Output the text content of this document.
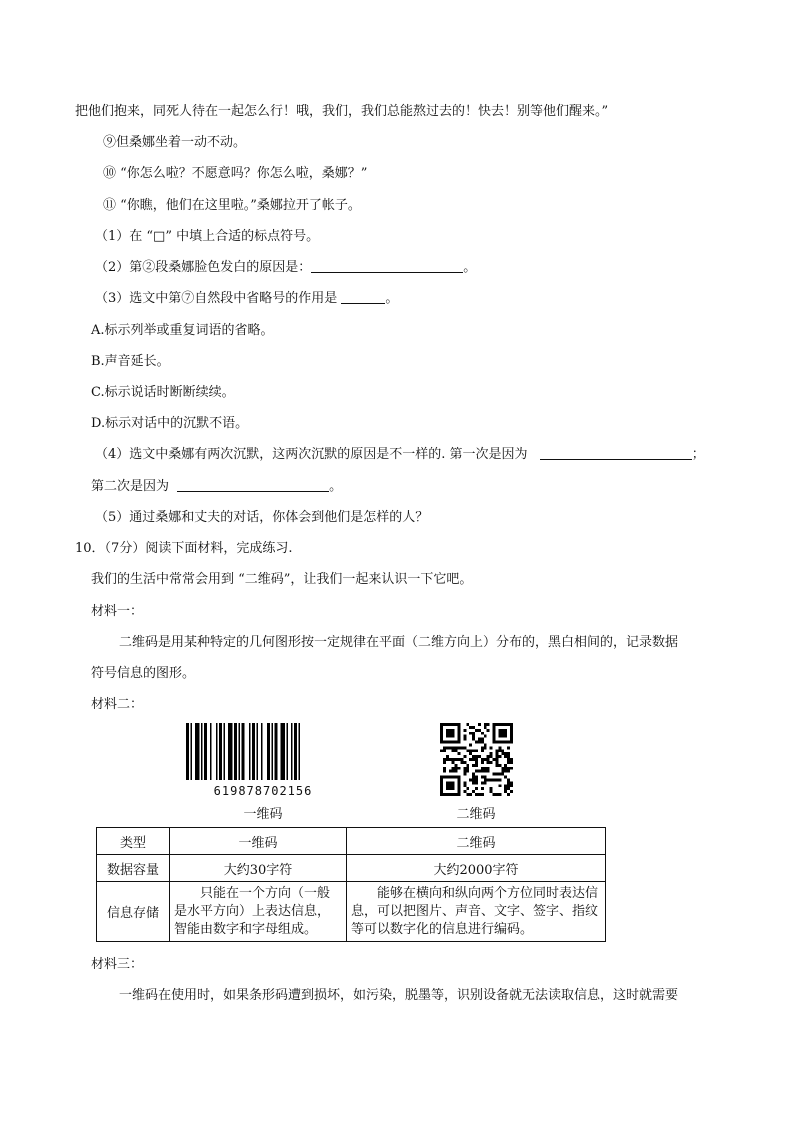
把他们抱来，同死人待在一起怎么行！哦，我们，我们总能熬过去的！快去！别等他们醒来。”
⑨但桑娜坐着一动不动。
⑩ “你怎么啦？不愿意吗？你怎么啦，桑娜？”
⑪ “你瞧，他们在这里啦。”桑娜拉开了帐子。
（1）在 “□” 中填上合适的标点符号。
（2）第②段桑娜脸色发白的原因是：	。
（3）选文中第⑦自然段中省略号的作用是	。
A.标示列举或重复词语的省略。
B.声音延长。
C.标示说话时断断续续。
D.标示对话中的沉默不语。
（4）选文中桑娜有两次沉默，这两次沉默的原因是不一样的. 第一次是因为	；
第二次是因为	。
（5）通过桑娜和丈夫的对话，你体会到他们是怎样的人？
10．（7分）阅读下面材料，完成练习.
我们的生活中常常会用到 “二维码”，让我们一起来认识一下它吧。
材料一：
二维码是用某种特定的几何图形按一定规律在平面（二维方向上）分布的，黑白相间的，记录数据
符号信息的图形。
材料二：
619878702156
一维码	二维码
类型	一维码	二维码
数据容量	大约30字符	大约2000字符
信息存储	　　只能在一个方向（一般是水平方向）上表达信息，智能由数字和字母组成。	　　能够在横向和纵向两个方位同时表达信息，可以把图片、声音、文字、签字、指纹等可以数字化的信息进行编码。
材料三：
一维码在使用时，如果条形码遭到损坏，如污染，脱墨等，识别设备就无法读取信息，这时就需要
